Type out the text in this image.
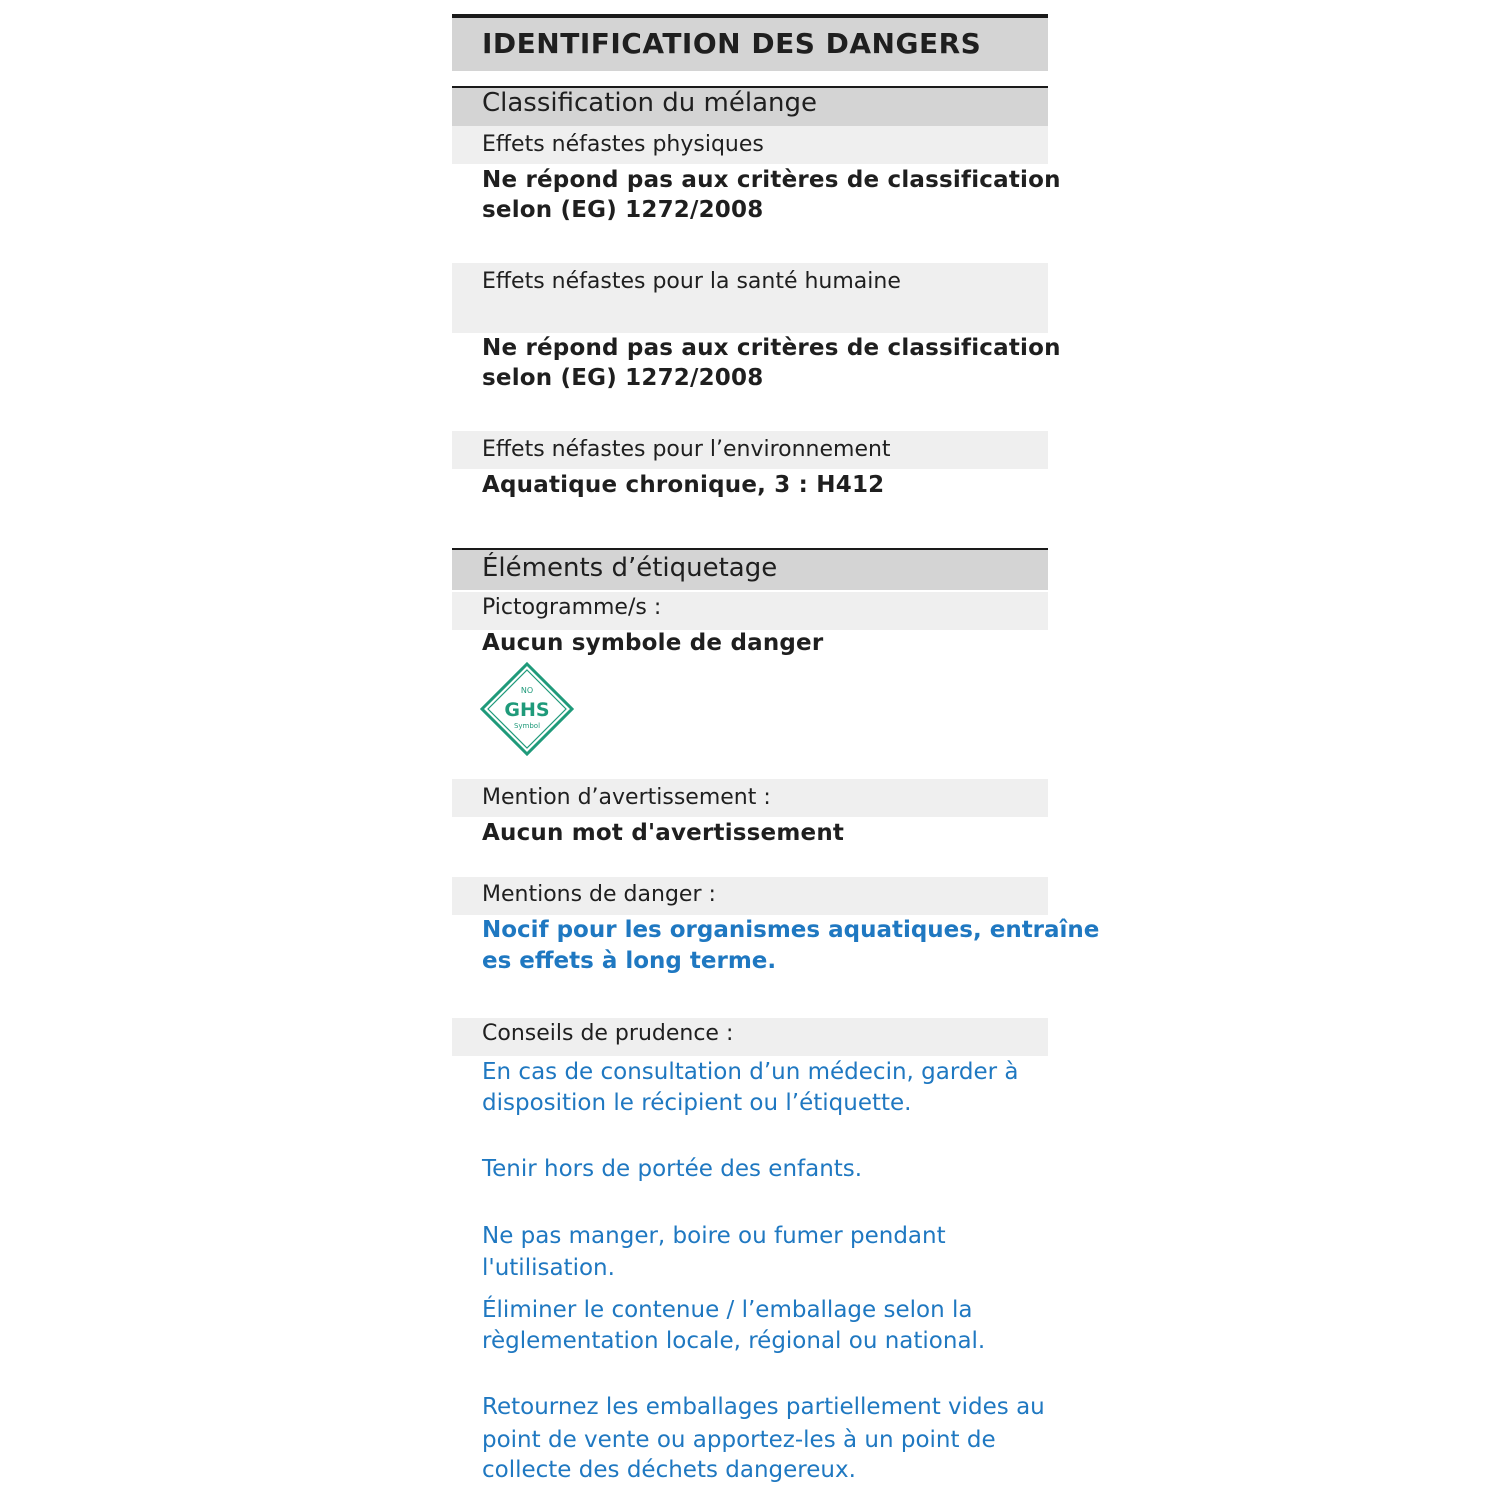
IDENTIFICATION DES DANGERS
Classification du mélange
Effets néfastes physiques
Ne répond pas aux critères de classification
selon (EG) 1272/2008
Effets néfastes pour la santé humaine
Ne répond pas aux critères de classification
selon (EG) 1272/2008
Effets néfastes pour l’environnement
Aquatique chronique, 3 : H412
Éléments d’étiquetage
Pictogramme/s :
Aucun symbole de danger
NO
GHS
Symbol
Mention d’avertissement :
Aucun mot d'avertissement
Mentions de danger :
Nocif pour les organismes aquatiques, entraîne
es effets à long terme.
Conseils de prudence :
En cas de consultation d’un médecin, garder à
disposition le récipient ou l’étiquette.
Tenir hors de portée des enfants.
Ne pas manger, boire ou fumer pendant
l'utilisation.
Éliminer le contenue / l’emballage selon la
règlementation locale, régional ou national.
Retournez les emballages partiellement vides au
point de vente ou apportez-les à un point de
collecte des déchets dangereux.
